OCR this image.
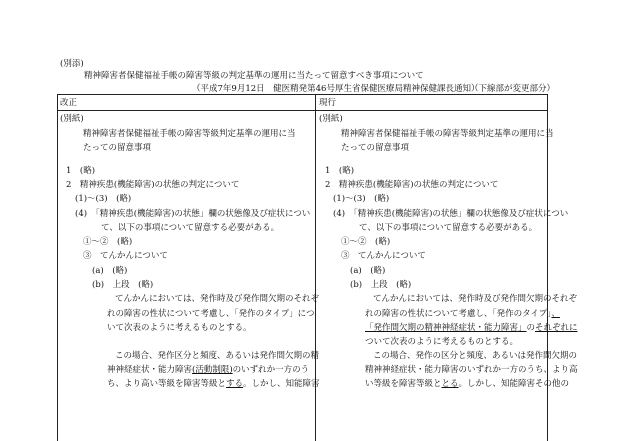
(別添)
精神障害者保健福祉手帳の障害等級の判定基準の運用に当たって留意すべき事項について
（平成7年9月12日　健医精発第46号厚生省保健医療局精神保健課長通知）
（下線部が変更部分）
改正	現行
(別紙)
精神障害者保健福祉手帳の障害等級判定基準の運用に当
たっての留意事項
1　(略)
2　精神疾患(機能障害)の状態の判定について
(1)～(3)　(略)
(4)　「精神疾患(機能障害)の状態」欄の状態像及び症状につい
て、以下の事項について留意する必要がある。
①～②　(略)
③　てんかんについて
(a)　(略)
(b)　上段　(略)
てんかんにおいては、発作時及び発作間欠期のそれぞ
れの障害の性状について考慮し、「発作のタイプ」につ
いて次表のように考えるものとする。
この場合、発作区分と頻度、あるいは発作間欠期の精
神神経症状・能力障害(活動制限)のいずれか一方のう
ち、より高い等級を障害等級とする。しかし、知能障害
(別紙)
精神障害者保健福祉手帳の障害等級判定基準の運用に当
たっての留意事項
1　(略)
2　精神疾患(機能障害)の状態の判定について
(1)～(3)　(略)
(4)　「精神疾患(機能障害)の状態」欄の状態像及び症状につい
て、以下の事項について留意する必要がある。
①～②　(略)
③　てんかんについて
(a)　(略)
(b)　上段　(略)
てんかんにおいては、発作時及び発作間欠期のそれぞ
れの障害の性状について考慮し、「発作のタイプ」、
「発作間欠期の精神神経症状・能力障害」のそれぞれに
ついて次表のように考えるものとする。
この場合、発作の区分と頻度、あるいは発作間欠期の
精神神経症状・能力障害のいずれか一方のうち、より高
い等級を障害等級ととる。しかし、知能障害その他の
